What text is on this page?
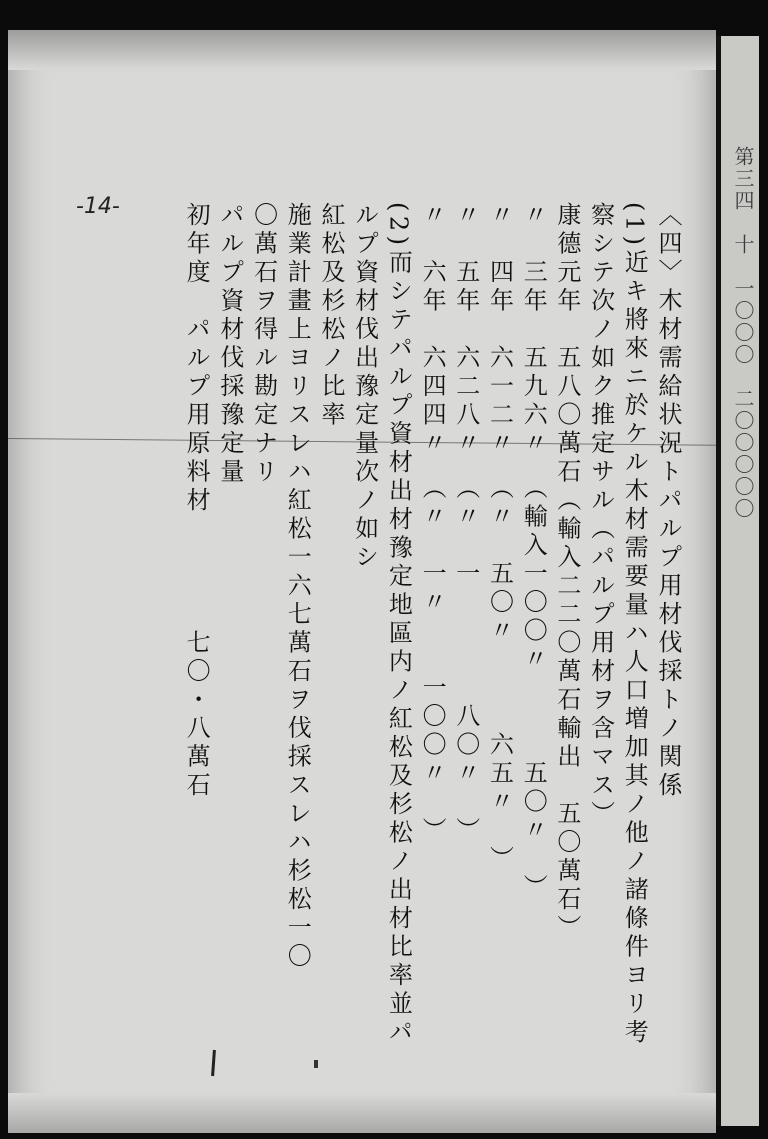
-14-	〈四〉木材需給状況トパルプ用材伐採トノ関係
(1)近キ將來ニ於ケル木材需要量ハ人口増加其ノ他ノ諸條件ヨリ考
察シテ次ノ如ク推定サル（パルプ用材ヲ含マス）
康德元年　五八〇萬石（輸入二二〇萬石輸出　五〇萬石）
〃　三年　五九六〃　（輸入一〇〇〃　　　五〇〃　）
〃　四年　六一二〃　（〃　五〇〃　　　六五〃　）
〃　五年　六二八〃　（〃　一　　　　八〇〃　）
〃　六年　六四四〃　（〃　一〃　　一〇〇〃　）
(2)而シテパルプ資材出材豫定地區内ノ紅松及杉松ノ出材比率並パ
ルプ資材伐出豫定量次ノ如シ
紅松及杉松ノ比率
施業計畫上ヨリスレハ紅松一六七萬石ヲ伐採スレハ杉松一〇
〇萬石ヲ得ル勘定ナリ
パルプ資材伐採豫定量
初年度　パルプ用原料材　　　　七〇・八萬石	第三四　十　一〇〇〇　二〇〇〇〇〇
